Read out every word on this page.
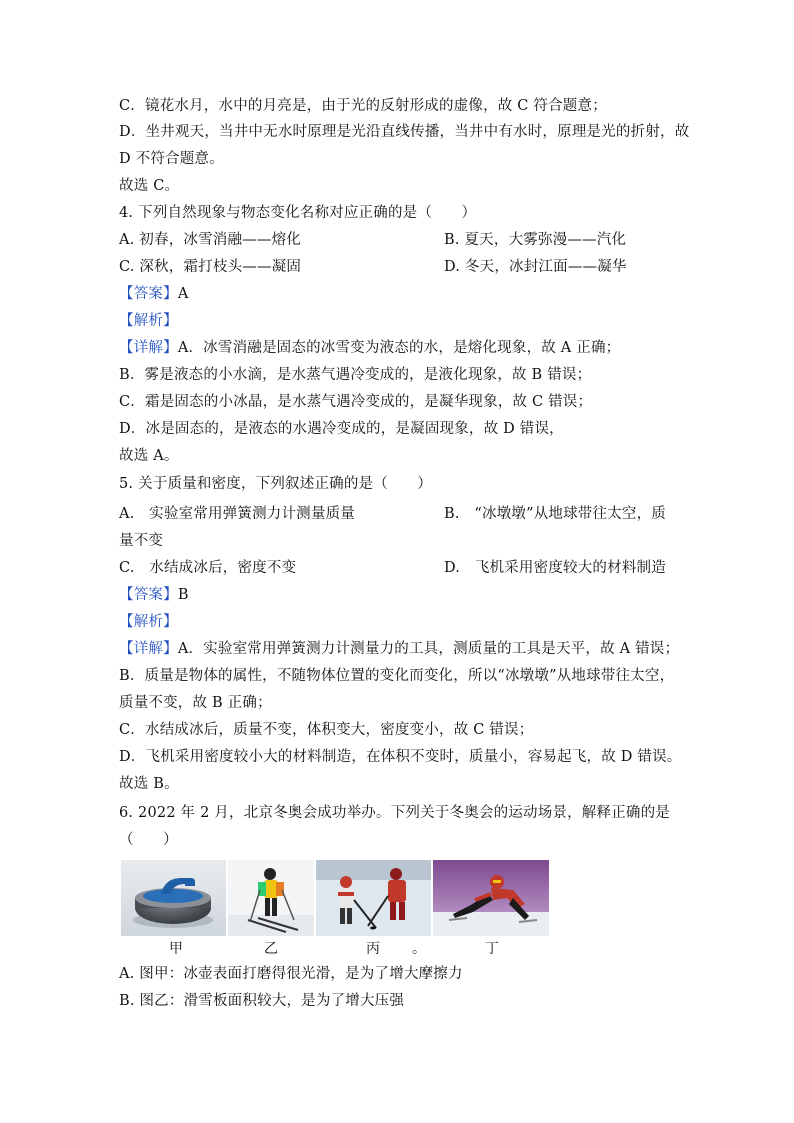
C．镜花水月，水中的月亮是，由于光的反射形成的虚像，故 C 符合题意；
D．坐井观天，当井中无水时原理是光沿直线传播，当井中有水时，原理是光的折射，故
D 不符合题意。
故选 C。
4. 下列自然现象与物态变化名称对应正确的是（　　）
A. 初春，冰雪消融——熔化	B. 夏天，大雾弥漫——汽化
C. 深秋，霜打枝头——凝固	D. 冬天，冰封江面——凝华
【答案】A
【解析】
【详解】A．冰雪消融是固态的冰雪变为液态的水，是熔化现象，故 A 正确；
B．雾是液态的小水滴，是水蒸气遇冷变成的，是液化现象，故 B 错误；
C．霜是固态的小冰晶，是水蒸气遇冷变成的，是凝华现象，故 C 错误；
D．冰是固态的，是液态的水遇冷变成的，是凝固现象，故 D 错误，
故选 A。
5. 关于质量和密度，下列叙述正确的是（　　）
A.　实验室常用弹簧测力计测量质量	B.　“冰墩墩”从地球带往太空，质
量不变
C.　水结成冰后，密度不变	D.　飞机采用密度较大的材料制造
【答案】B
【解析】
【详解】A．实验室常用弹簧测力计测量力的工具，测质量的工具是天平，故 A 错误；
B．质量是物体的属性，不随物体位置的变化而变化，所以“冰墩墩”从地球带往太空，
质量不变，故 B 正确；
C．水结成冰后，质量不变，体积变大，密度变小，故 C 错误；
D．飞机采用密度较小大的材料制造，在体积不变时，质量小，容易起飞，故 D 错误。
故选 B。
6. 2022 年 2 月，北京冬奥会成功举办。下列关于冬奥会的运动场景，解释正确的是
（　　）
甲	乙	丙 。	丁
A. 图甲：冰壶表面打磨得很光滑，是为了增大摩擦力
B. 图乙：滑雪板面积较大，是为了增大压强
